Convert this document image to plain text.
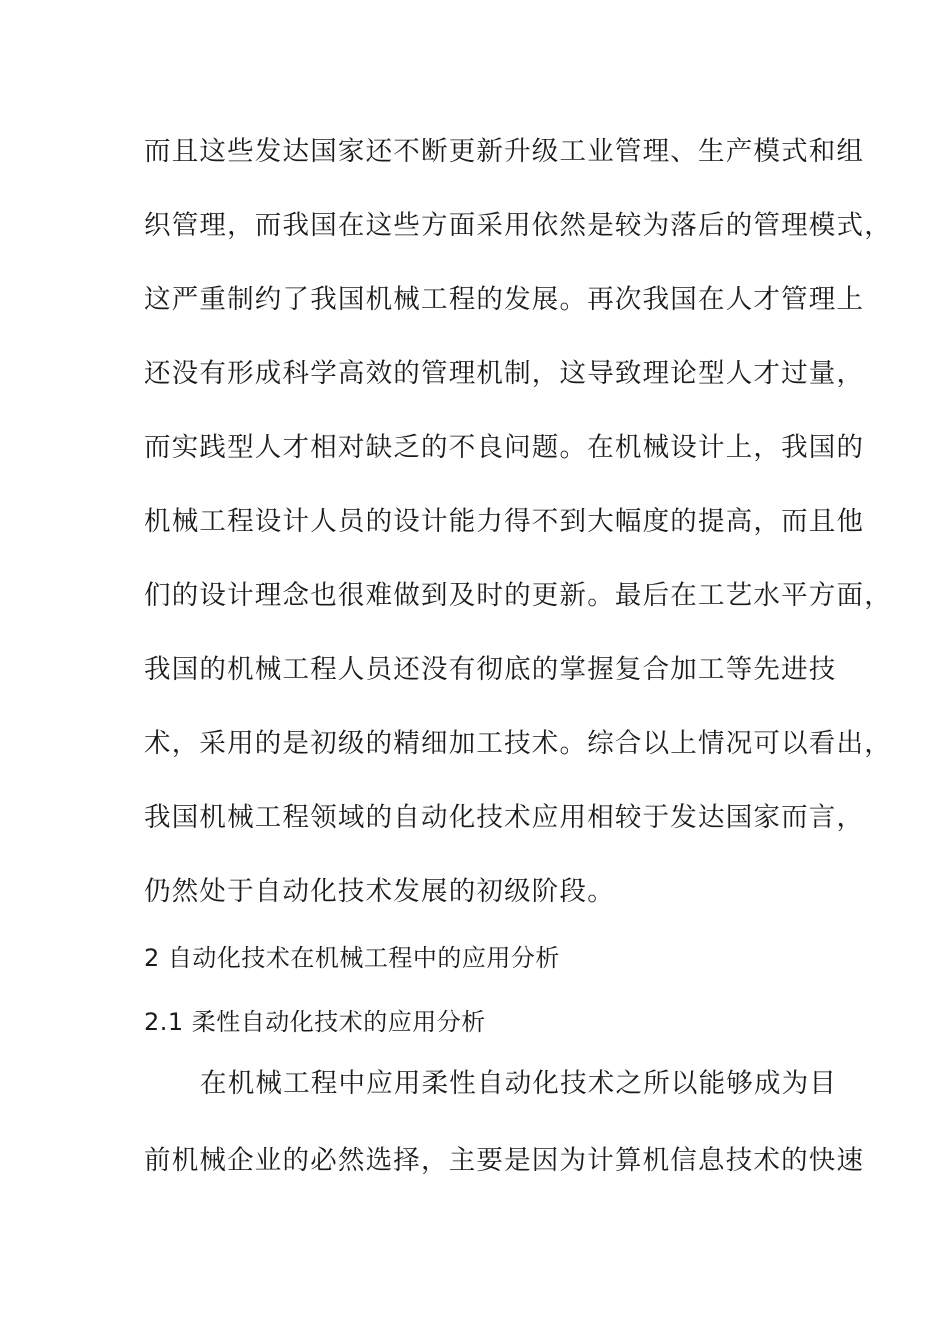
而且这些发达国家还不断更新升级工业管理、生产模式和组
织管理，而我国在这些方面采用依然是较为落后的管理模式，
这严重制约了我国机械工程的发展。再次我国在人才管理上
还没有形成科学高效的管理机制，这导致理论型人才过量，
而实践型人才相对缺乏的不良问题。在机械设计上，我国的
机械工程设计人员的设计能力得不到大幅度的提高，而且他
们的设计理念也很难做到及时的更新。最后在工艺水平方面，
我国的机械工程人员还没有彻底的掌握复合加工等先进技
术，采用的是初级的精细加工技术。综合以上情况可以看出，
我国机械工程领域的自动化技术应用相较于发达国家而言，
仍然处于自动化技术发展的初级阶段。
2 自动化技术在机械工程中的应用分析
2.1 柔性自动化技术的应用分析
在机械工程中应用柔性自动化技术之所以能够成为目
前机械企业的必然选择，主要是因为计算机信息技术的快速
